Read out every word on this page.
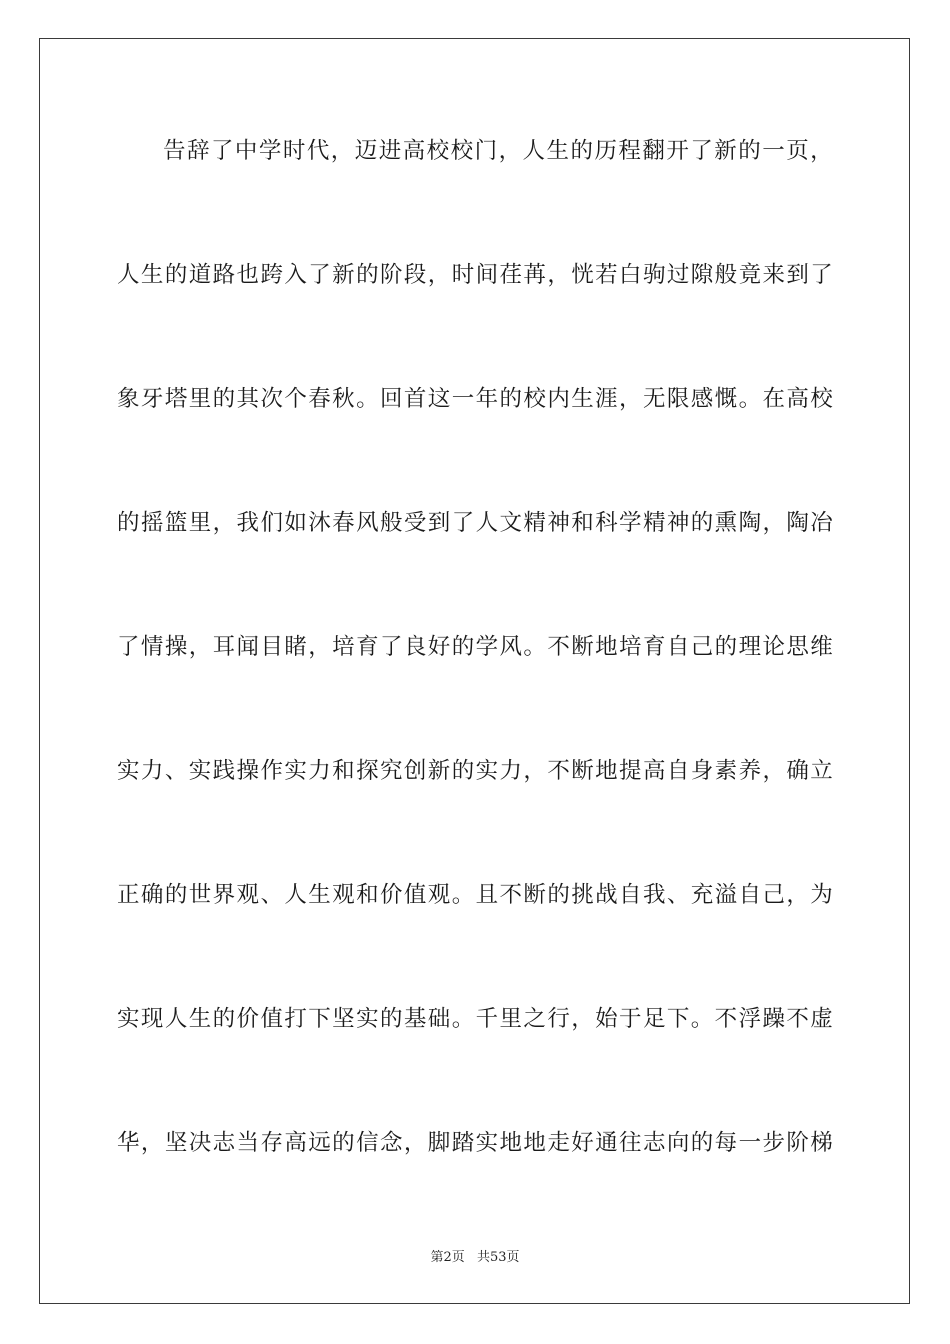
告 辞 了 中 学 时 代 ， 迈 进 高 校 校 门 ， 人 生 的 历 程 翻 开 了 新 的 一 页 ，
人 生 的 道 路 也 跨 入 了 新 的 阶 段 ， 时 间 荏 苒 ， 恍 若 白 驹 过 隙 般 竟 来 到 了
象 牙 塔 里 的 其 次 个 春 秋 。 回 首 这 一 年 的 校 内 生 涯 ， 无 限 感 慨 。 在 高 校
的 摇 篮 里 ， 我 们 如 沐 春 风 般 受 到 了 人 文 精 神 和 科 学 精 神 的 熏 陶 ， 陶 冶
了 情 操 ， 耳 闻 目 睹 ， 培 育 了 良 好 的 学 风 。 不 断 地 培 育 自 己 的 理 论 思 维
实 力 、 实 践 操 作 实 力 和 探 究 创 新 的 实 力 ， 不 断 地 提 高 自 身 素 养 ， 确 立
正 确 的 世 界 观 、 人 生 观 和 价 值 观 。 且 不 断 的 挑 战 自 我 、 充 溢 自 己 ， 为
实 现 人 生 的 价 值 打 下 坚 实 的 基 础 。 千 里 之 行 ， 始 于 足 下 。 不 浮 躁 不 虚
华 ， 坚 决 志 当 存 高 远 的 信 念 ， 脚 踏 实 地 地 走 好 通 往 志 向 的 每 一 步 阶 梯
第2页 共53页
